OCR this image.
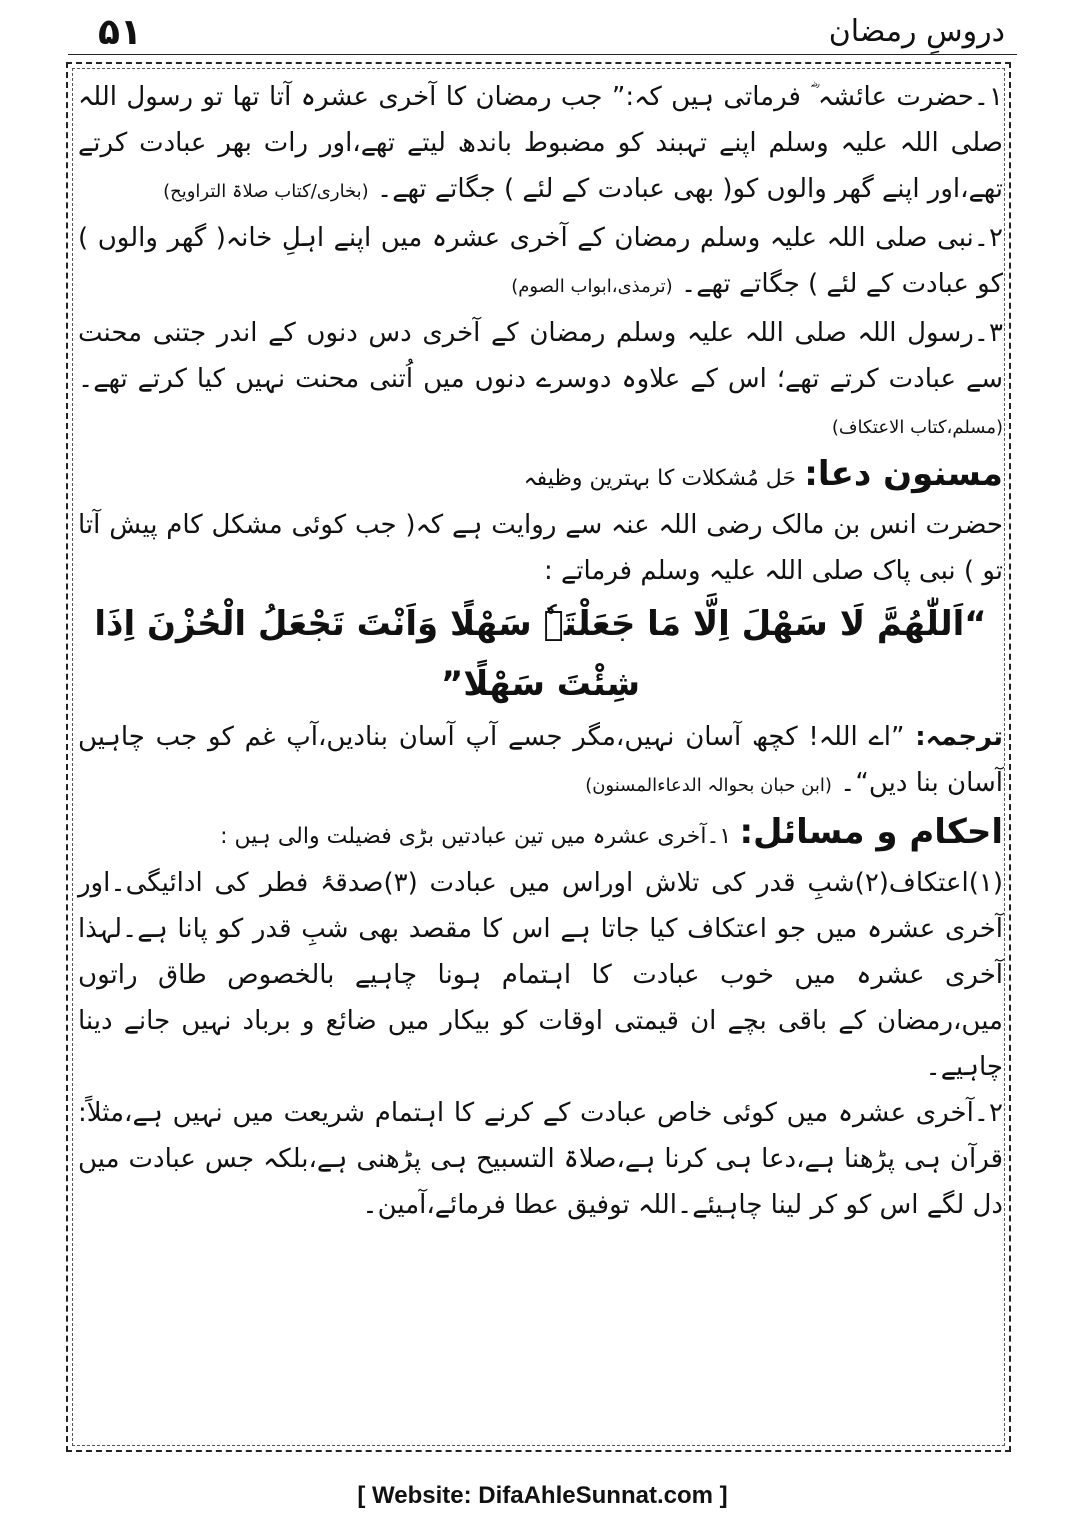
۵۱	دروسِ رمضان

۱۔حضرت عائشہ ؓ فرماتی ہیں کہ:” جب رمضان کا آخری عشرہ آتا تھا تو رسول اللہ صلی اللہ علیہ وسلم اپنے تہبند کو مضبوط باندھ لیتے تھے،اور رات بھر عبادت کرتے تھے،اور اپنے گھر والوں کو( بھی عبادت کے لئے ) جگاتے تھے۔ (بخاری/کتاب صلاۃ التراویح)

۲۔نبی صلی اللہ علیہ وسلم رمضان کے آخری عشرہ میں اپنے اہلِ خانہ( گھر والوں ) کو عبادت کے لئے ) جگاتے تھے۔ (ترمذی،ابواب الصوم)

۳۔رسول اللہ صلی اللہ علیہ وسلم رمضان کے آخری دس دنوں کے اندر جتنی محنت سے عبادت کرتے تھے؛ اس کے علاوہ دوسرے دنوں میں اُتنی محنت نہیں کیا کرتے تھے۔ (مسلم،کتاب الاعتکاف)

مسنون دعا: حَل مُشکلات کا بہترین وظیفہ

حضرت انس بن مالک رضی اللہ عنہ سے روایت ہے کہ( جب کوئی مشکل کام پیش آتا تو ) نبی پاک صلی اللہ علیہ وسلم فرماتے :

“اَللّٰھُمَّ لَا سَھْلَ اِلَّا مَا جَعَلْتَہٗ سَھْلًا وَاَنْتَ تَجْعَلُ الْحُزْنَ اِذَا شِئْتَ سَھْلًا”

ترجمہ: ”اے اللہ! کچھ آسان نہیں،مگر جسے آپ آسان بنادیں،آپ غم کو جب چاہیں آسان بنا دیں“۔ (ابن حبان بحوالہ الدعاءالمسنون)

احکام و مسائل: ۱۔آخری عشرہ میں تین عبادتیں بڑی فضیلت والی ہیں :

(۱)اعتکاف(۲)شبِ قدر کی تلاش اوراس میں عبادت (۳)صدقۂ فطر کی ادائیگی۔اور آخری عشرہ میں جو اعتکاف کیا جاتا ہے اس کا مقصد بھی شبِ قدر کو پانا ہے۔لہذا آخری عشرہ میں خوب عبادت کا اہتمام ہونا چاہیے بالخصوص طاق راتوں میں،رمضان کے باقی بچے ان قیمتی اوقات کو بیکار میں ضائع و برباد نہیں جانے دینا چاہیے۔

۲۔آخری عشرہ میں کوئی خاص عبادت کے کرنے کا اہتمام شریعت میں نہیں ہے،مثلاً: قرآن ہی پڑھنا ہے،دعا ہی کرنا ہے،صلاۃ التسبیح ہی پڑھنی ہے،بلکہ جس عبادت میں دل لگے اس کو کر لینا چاہیئے۔اللہ توفیق عطا فرمائے،آمین۔

[ Website: DifaAhleSunnat.com ]
